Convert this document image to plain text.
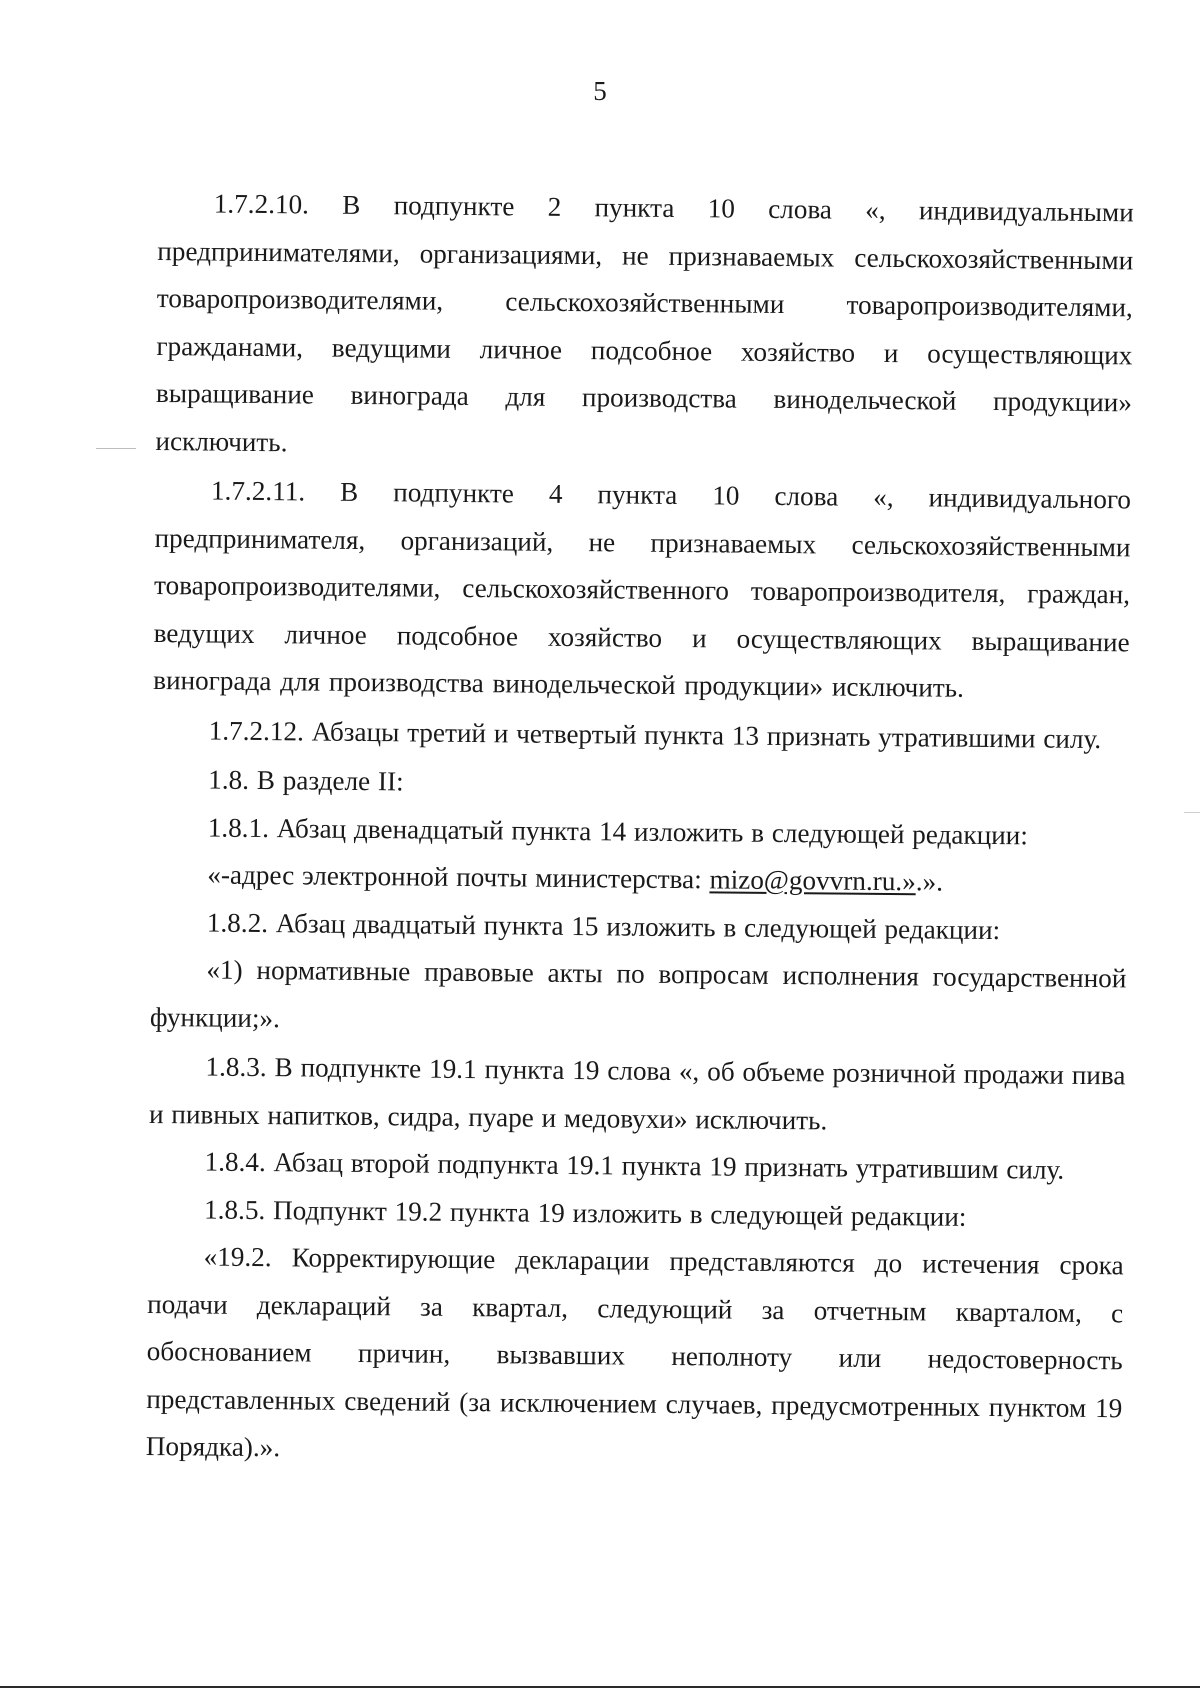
5

1.7.2.10. В подпункте 2 пункта 10 слова «, индивидуальными предпринимателями, организациями, не признаваемых сельскохозяйственными товаропроизводителями, сельскохозяйственными товаропроизводителями, гражданами, ведущими личное подсобное хозяйство и осуществляющих выращивание винограда для производства винодельческой продукции» исключить.

1.7.2.11. В подпункте 4 пункта 10 слова «, индивидуального предпринимателя, организаций, не признаваемых сельскохозяйственными товаропроизводителями, сельскохозяйственного товаропроизводителя, граждан, ведущих личное подсобное хозяйство и осуществляющих выращивание винограда для производства винодельческой продукции» исключить.

1.7.2.12. Абзацы третий и четвертый пункта 13 признать утратившими силу.

1.8. В разделе II:

1.8.1. Абзац двенадцатый пункта 14 изложить в следующей редакции:

«-адрес электронной почты министерства: mizo@govvrn.ru.».».

1.8.2. Абзац двадцатый пункта 15 изложить в следующей редакции:

«1) нормативные правовые акты по вопросам исполнения государственной функции;».

1.8.3. В подпункте 19.1 пункта 19 слова «, об объеме розничной продажи пива и пивных напитков, сидра, пуаре и медовухи» исключить.

1.8.4. Абзац второй подпункта 19.1 пункта 19 признать утратившим силу.

1.8.5. Подпункт 19.2 пункта 19 изложить в следующей редакции:

«19.2. Корректирующие декларации представляются до истечения срока подачи деклараций за квартал, следующий за отчетным кварталом, с обоснованием причин, вызвавших неполноту или недостоверность представленных сведений (за исключением случаев, предусмотренных пунктом 19 Порядка).».
